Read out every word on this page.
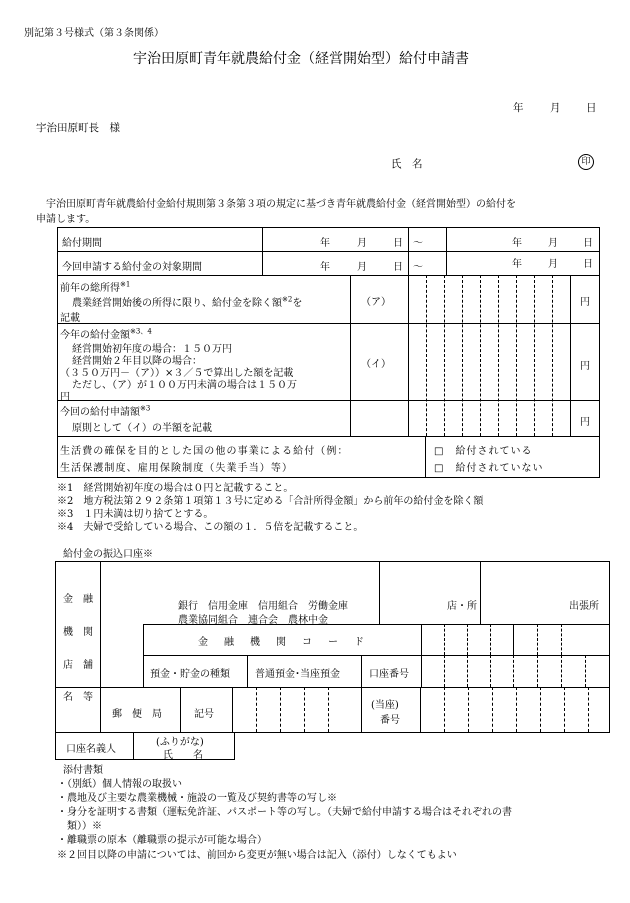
別記第３号様式（第３条関係）
宇治田原町青年就農給付金（経営開始型）給付申請書
年	月 日
宇治田原町長　様
氏　名	印
宇治田原町青年就農給付金給付規則第３条第３項の規定に基づき青年就農給付金（経営開始型）の給付を
申請します。
給付期間	年	月	日 ～	年	月	日
今回申請する給付金の対象期間	年	月	日 ～	年	月	日
前年の総所得$^{※1}$
農業経営開始後の所得に限り、給付金を除く額$^{※2}$を
記載
（ア）	円
今年の給付金額$^{※3、4}$
経営開始初年度の場合：１５０万円
経営開始２年目以降の場合：
（３５０万円－（ア））×３／５で算出した額を記載
ただし、（ア）が１００万円未満の場合は１５０万
円
（イ）	円
今回の給付申請額$^{※3}$
原則として（イ）の半額を記載
円
生活費の確保を目的とした国の他の事業による給付（例：
生活保護制度、雇用保険制度（失業手当）等）
□　給付されている
□　給付されていない
※1　経営開始初年度の場合は０円と記載すること。
※2　地方税法第２９２条第１項第１３号に定める「合計所得金額」から前年の給付金を除く額
※3　１円未満は切り捨てとする。
※4　夫婦で受給している場合、この額の１．５倍を記載すること。
給付金の振込口座※
金　融
機　関
店　舗
名　等
銀行　信用金庫　信用組合　労働金庫
農業協同組合　連合会　農林中金
店・所	出張所
金　融　機　関　コ　ー　ド
預金・貯金の種類	普通預金･当座預金	口座番号
郵　便　局	記号
(当座)
番号
口座名義人
(ふりがな)
氏　　名
添付書類
・（別紙）個人情報の取扱い
・農地及び主要な農業機械・施設の一覧及び契約書等の写し※
・身分を証明する書類（運転免許証、パスポート等の写し。（夫婦で給付申請する場合はそれぞれの書
　類））※
・離職票の原本（離職票の提示が可能な場合）
※２回目以降の申請については、前回から変更が無い場合は記入（添付）しなくてもよい
